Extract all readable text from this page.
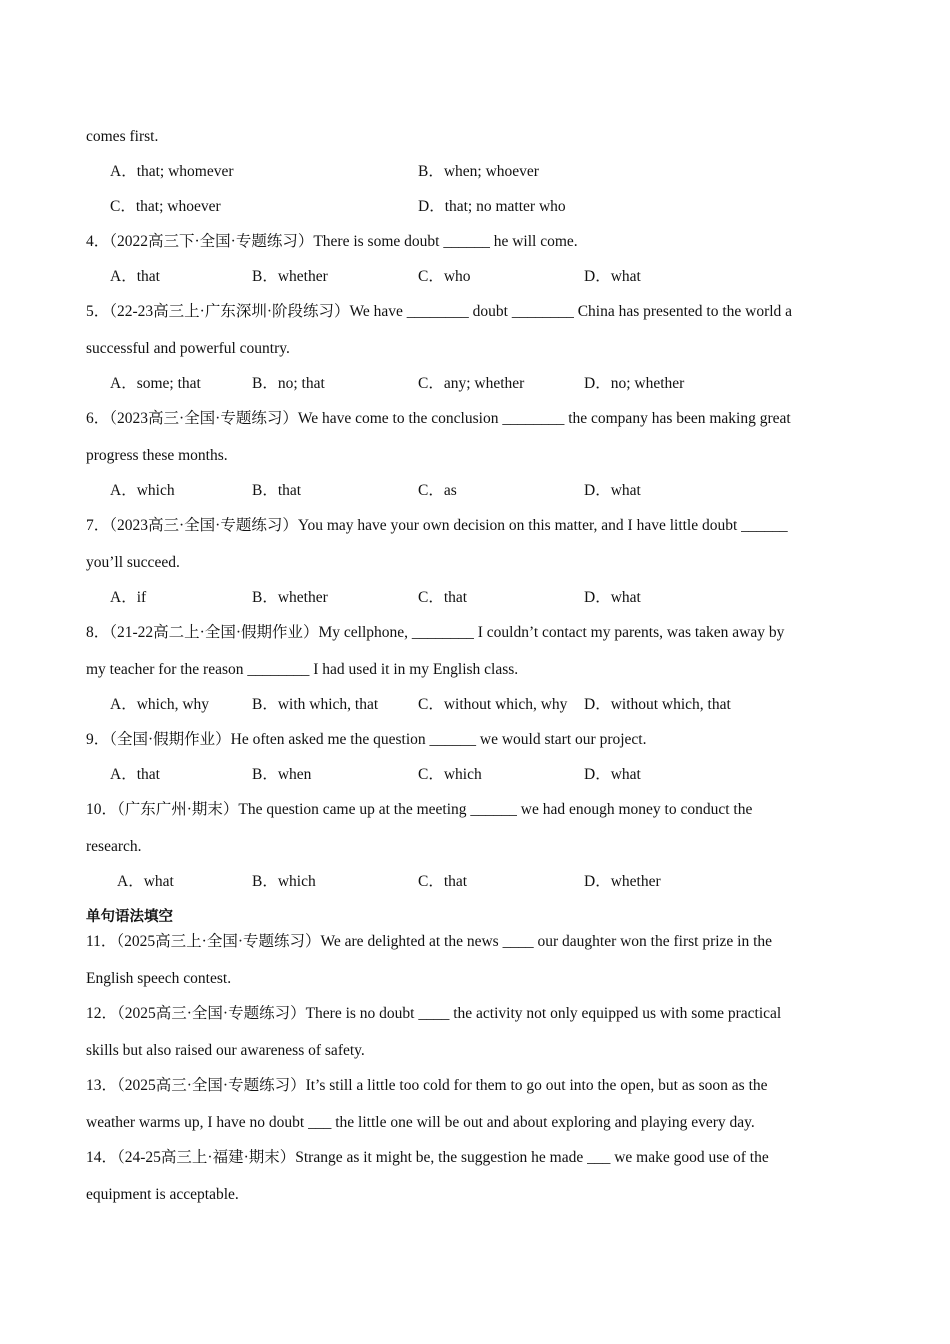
comes first.
A．that; whomever	B．when; whoever
C．that; whoever	D．that; no matter who
4．（2022高三下·全国·专题练习）There is some doubt ______ he will come.
A．that	B．whether	C．who	D．what
5．（22-23高三上·广东深圳·阶段练习）We have ________ doubt ________ China has presented to the world a
successful and powerful country.
A．some; that	B．no; that	C．any; whether	D．no; whether
6．（2023高三·全国·专题练习）We have come to the conclusion ________ the company has been making great
progress these months.
A．which	B．that	C．as	D．what
7．（2023高三·全国·专题练习）You may have your own decision on this matter, and I have little doubt ______
you’ll succeed.
A．if	B．whether	C．that	D．what
8．（21-22高二上·全国·假期作业）My cellphone, ________ I couldn’t contact my parents, was taken away by
my teacher for the reason ________ I had used it in my English class.
A．which, why	B．with which, that	C．without which, why D．without which, that
9．（全国·假期作业）He often asked me the question ______ we would start our project.
A．that	B．when	C．which	D．what
10．（广东广州·期末）The question came up at the meeting ______ we had enough money to conduct the
research.
A．what	B．which	C．that	D．whether
单句语法填空
11．（2025高三上·全国·专题练习）We are delighted at the news ____ our daughter won the first prize in the
English speech contest.
12．（2025高三·全国·专题练习）There is no doubt ____ the activity not only equipped us with some practical
skills but also raised our awareness of safety.
13．（2025高三·全国·专题练习）It’s still a little too cold for them to go out into the open, but as soon as the
weather warms up, I have no doubt ___ the little one will be out and about exploring and playing every day.
14．（24-25高三上·福建·期末）Strange as it might be, the suggestion he made ___ we make good use of the
equipment is acceptable.
